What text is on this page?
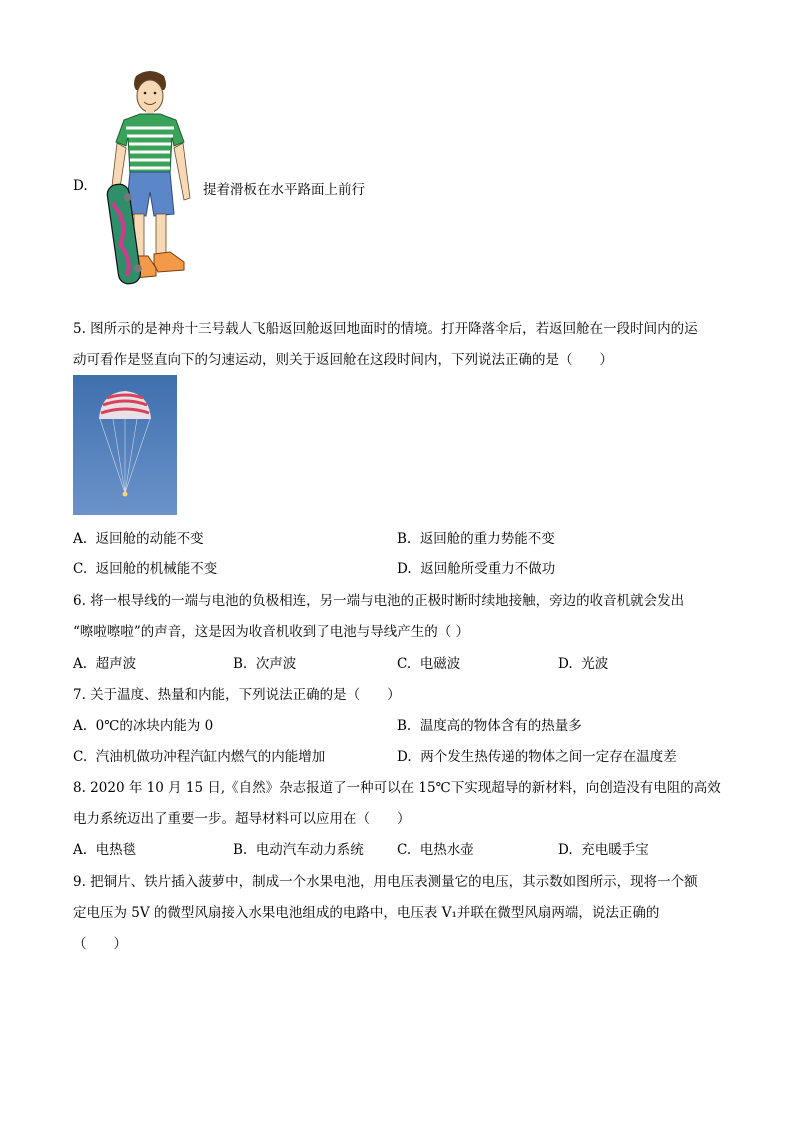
D.	提着滑板在水平路面上前行
5. 图所示的是神舟十三号载人飞船返回舱返回地面时的情境。打开降落伞后，若返回舱在一段时间内的运
动可看作是竖直向下的匀速运动，则关于返回舱在这段时间内，下列说法正确的是（　　）
A. 返回舱的动能不变	B. 返回舱的重力势能不变
C. 返回舱的机械能不变	D. 返回舱所受重力不做功
6. 将一根导线的一端与电池的负极相连，另一端与电池的正极时断时续地接触，旁边的收音机就会发出
“嚓啦嚓啦”的声音，这是因为收音机收到了电池与导线产生的（ ）
A. 超声波	B. 次声波	C. 电磁波	D. 光波
7. 关于温度、热量和内能，下列说法正确的是（　　）
A. 0℃的冰块内能为 0	B. 温度高的物体含有的热量多
C. 汽油机做功冲程汽缸内燃气的内能增加	D. 两个发生热传递的物体之间一定存在温度差
8. 2020 年 10 月 15 日,《自然》杂志报道了一种可以在 15℃下实现超导的新材料，向创造没有电阻的高效
电力系统迈出了重要一步。超导材料可以应用在（　　）
A. 电热毯	B. 电动汽车动力系统 C. 电热水壶	D. 充电暖手宝
9. 把铜片、铁片插入菠萝中，制成一个水果电池，用电压表测量它的电压，其示数如图所示，现将一个额
定电压为 5V 的微型风扇接入水果电池组成的电路中，电压表 V₁并联在微型风扇两端，说法正确的
（　　）
